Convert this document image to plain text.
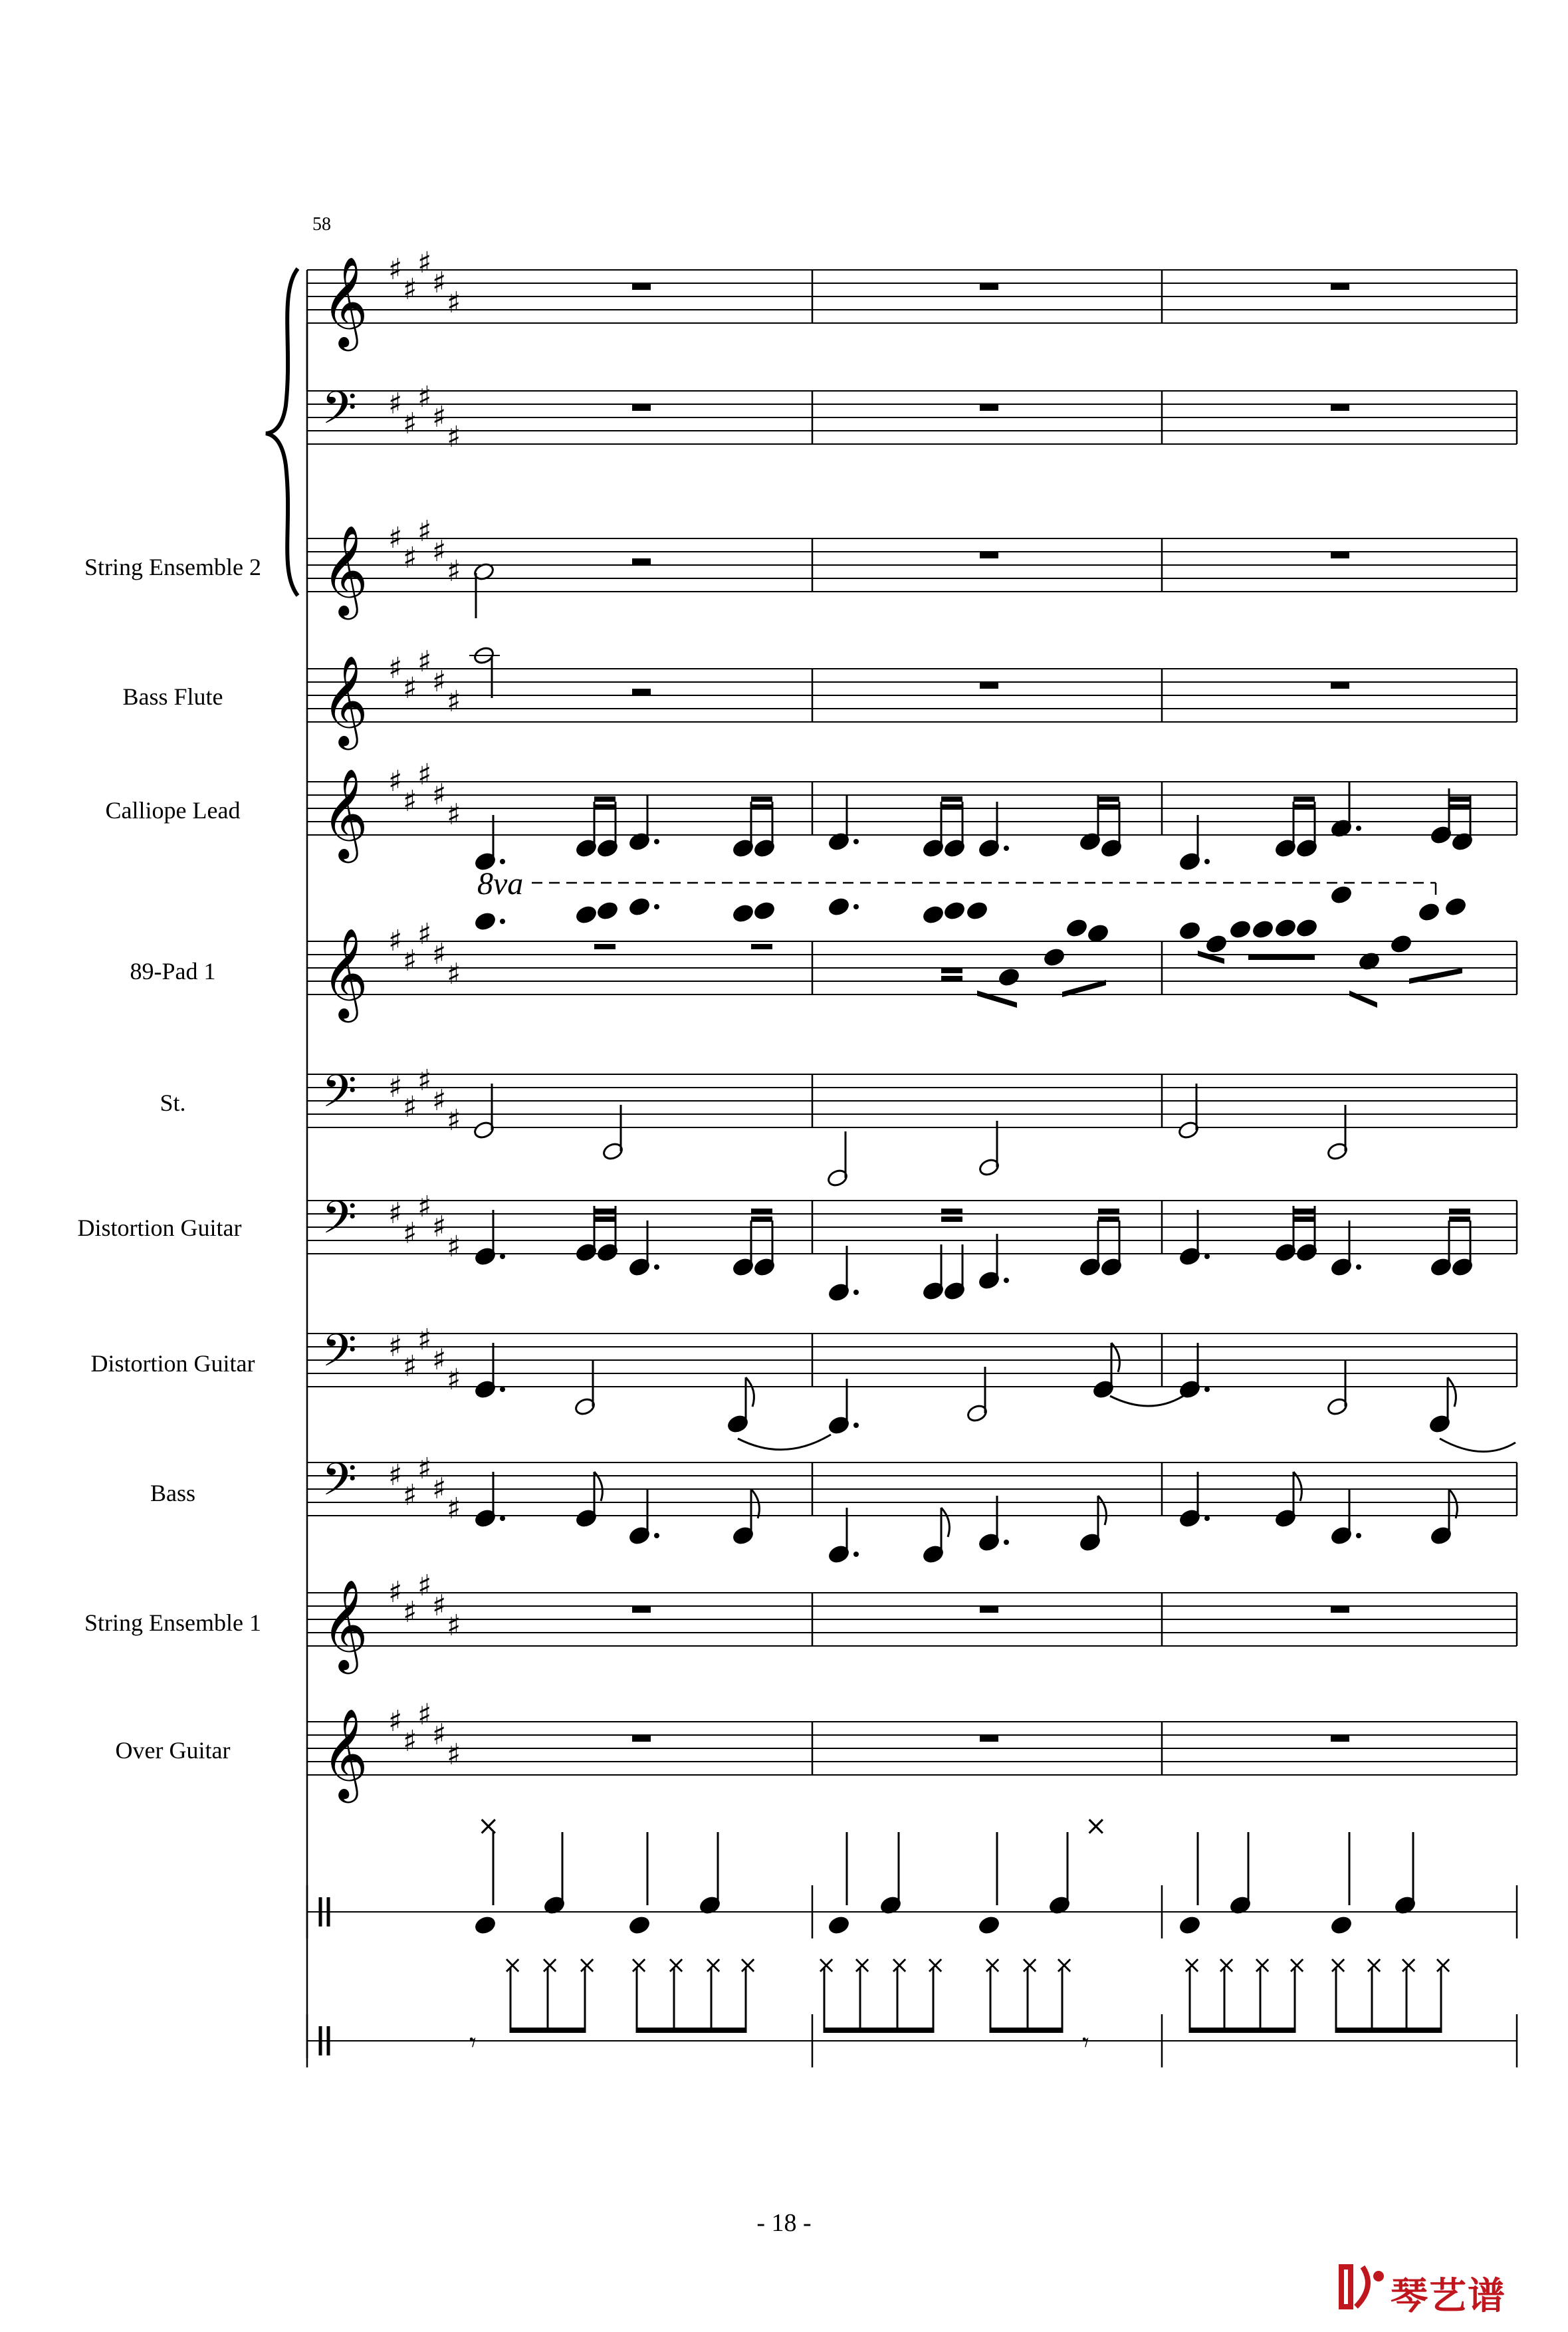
𝄞 ♯
♯
♯
♯
♯
𝄢 ♯
♯
♯
♯
♯
𝄞 ♯
♯
♯
♯
♯
𝄞 ♯
♯
♯
♯
♯
𝄞 ♯
♯
♯
♯
♯
𝄞 ♯
♯
♯
♯
♯
𝄢 ♯
♯
♯
♯
♯
𝄢 ♯
♯
♯
♯
♯
𝄢 ♯
♯
♯
♯
♯
𝄢 ♯
♯
♯
♯
♯
𝄞 ♯
♯
♯
♯
♯
𝄞 ♯
♯
♯
♯
♯
×	×
× × × × × × × × × × × × × ×	× × × × × × × ×
𝄾	𝄾
58
8va
String Ensemble 2
Bass Flute
Calliope Lead
89-Pad 1
St.
Distortion Guitar
Distortion Guitar
Bass
String Ensemble 1
Over Guitar
- 18 -
琴艺谱
